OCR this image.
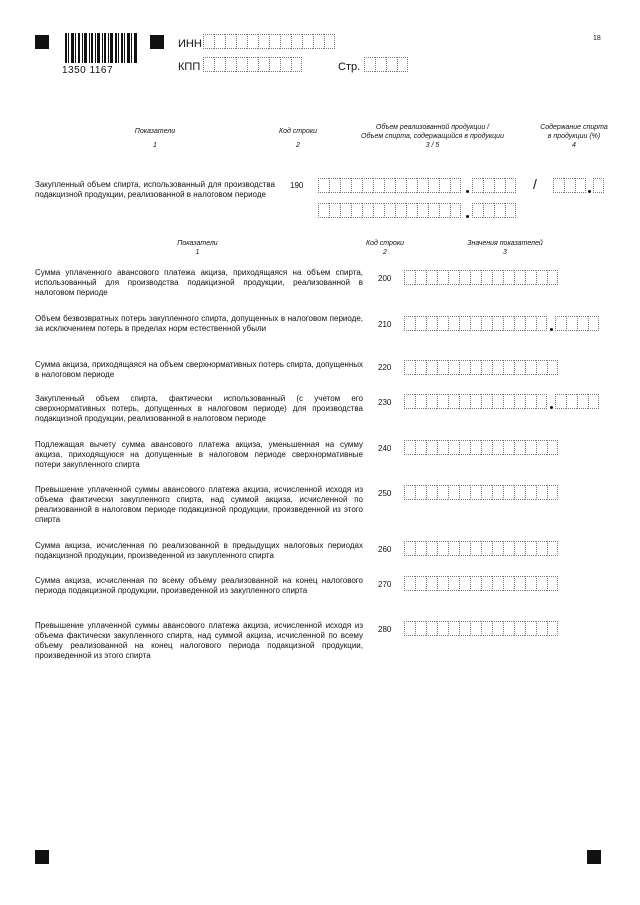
1350 1167
18
ИНН
КПП	Стр.
Показатели
1
Код строки
2
Объем реализованной продукции /
Объем спирта, содержащийся в продукции
3 / 5
Содержание спирта
в продукции (%)
4
Закупленный объем спирта, использованный для производства подакцизной продукции, реализованной в налоговом периоде
190	/
Показатели
1
Код строки
2
Значения показателей
3
Сумма уплаченного авансового платежа акциза, приходящаяся на объем спирта, использованный для производства подакцизной продукции, реализованной в налоговом периоде
200
Объем безвозвратных потерь закупленного спирта, допущенных в налоговом периоде, за исключением потерь в пределах норм естественной убыли	210
Сумма акциза, приходящаяся на объем сверхнормативных потерь спирта, допущенных в налоговом периоде
220
Закупленный объем спирта, фактически использованный (с учетом его сверхнормативных потерь, допущенных в налоговом периоде) для производства подакцизной продукции, реализованной в налоговом периоде
230
Подлежащая вычету сумма авансового платежа акциза, уменьшенная на сумму акциза, приходящуюся на допущенные в налоговом периоде сверхнормативные потери закупленного спирта
240
Превышение уплаченной суммы авансового платежа акциза, исчисленной исходя из объема фактически закупленного спирта, над суммой акциза, исчисленной по реализованной в налоговом периоде подакцизной продукции, произведенной из этого спирта
250
Сумма акциза, исчисленная по реализованной в предыдущих налоговых периодах подакцизной продукции, произведенной из закупленного спирта
260
Сумма акциза, исчисленная по всему объему реализованной на конец налогового периода подакцизной продукции, произведенной из закупленного спирта
270
Превышение уплаченной суммы авансового платежа акциза, исчисленной исходя из объема фактически закупленного спирта, над суммой акциза, исчисленной по всему объему реализованной на конец налогового периода подакцизной продукции, произведенной из этого спирта
280
